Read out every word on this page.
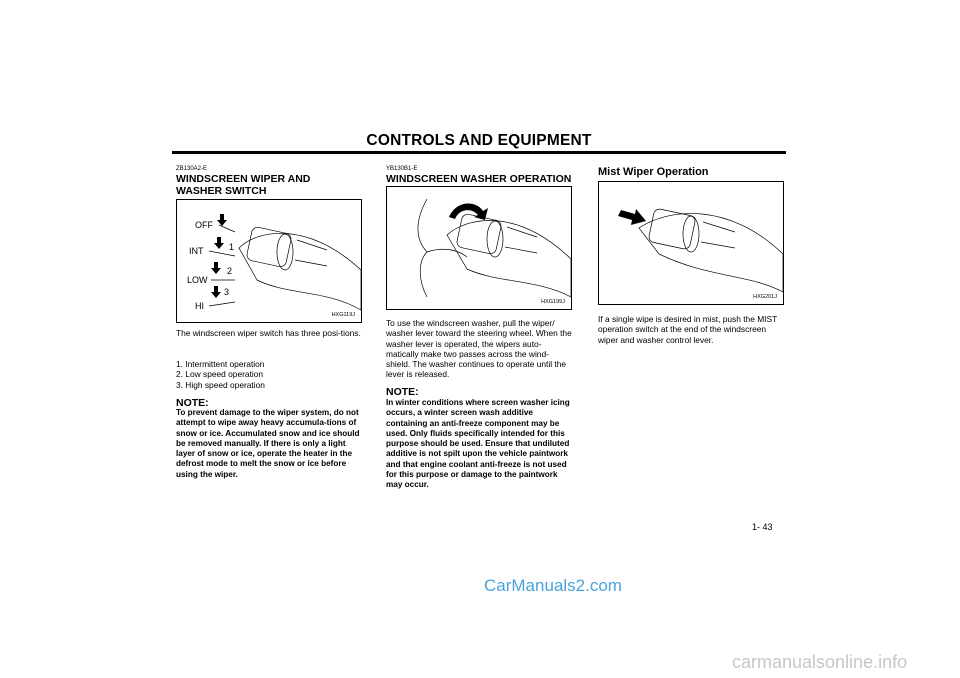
CONTROLS AND EQUIPMENT
ZB130A2-E
WINDSCREEN WIPER AND
WASHER SWITCH
OFF
INT
LOW
HI
1
2
3
HXG119J
The windscreen wiper switch has three posi-tions.
1. Intermittent operation
2. Low speed operation
3. High speed operation
NOTE:
To prevent damage to the wiper system, do not attempt to wipe away heavy accumula-tions of snow or ice. Accumulated snow and ice should be removed manually. If there is only a light layer of snow or ice, operate the heater in the defrost mode to melt the snow or ice before using the wiper.
YB130B1-E
WINDSCREEN WASHER OPERATION
HXG199J
To use the windscreen washer, pull the wiper/ washer lever toward the steering wheel. When the washer lever is operated, the wipers auto-matically make two passes across the wind-shield. The washer continues to operate until the lever is released.
NOTE:
In winter conditions where screen washer icing occurs, a winter screen wash additive containing an anti-freeze component may be used. Only fluids specifically intended for this purpose should be used. Ensure that undiluted additive is not spilt upon the vehicle paintwork and that engine coolant anti-freeze is not used for this purpose or damage to the paintwork may occur.
Mist Wiper Operation
HXG201J
If a single wipe is desired in mist, push the MIST operation switch at the end of the windscreen wiper and washer control lever.
1- 43
CarManuals2.com
carmanualsonline.info
